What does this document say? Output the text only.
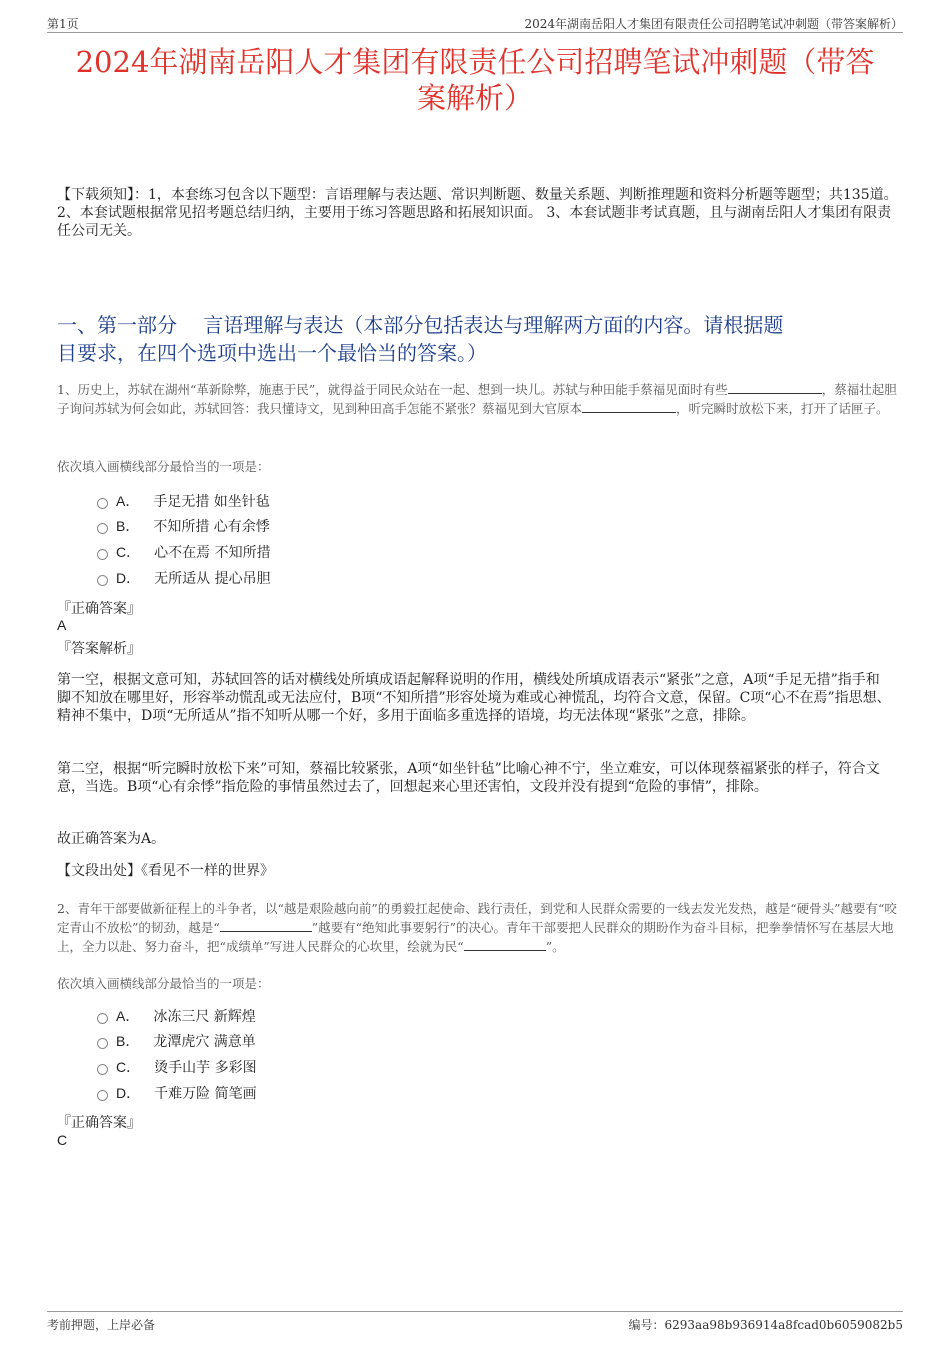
第1页	2024年湖南岳阳人才集团有限责任公司招聘笔试冲刺题（带答案解析）
2024年湖南岳阳人才集团有限责任公司招聘笔试冲刺题（带答
案解析）
【下载须知】：1，本套练习包含以下题型：言语理解与表达题、常识判断题、数量关系题、判断推理题和资料分析题等题型；共135道。 2、本套试题根据常见招考题总结归纳，主要用于练习答题思路和拓展知识面。 3、本套试题非考试真题，且与湖南岳阳人才集团有限责任公司无关。
一、第一部分　 言语理解与表达（本部分包括表达与理解两方面的内容。请根据题
目要求，在四个选项中选出一个最恰当的答案。）
1、历史上，苏轼在湖州“革新除弊，施惠于民”，就得益于同民众站在一起、想到一块儿。苏轼与种田能手蔡福见面时有些	，蔡福壮起胆子询问苏轼为何会如此，苏轼回答：我只懂诗文，见到种田高手怎能不紧张？蔡福见到大官原本	，听完瞬时放松下来，打开了话匣子。
依次填入画横线部分最恰当的一项是：
A． 手足无措 如坐针毡
B． 不知所措 心有余悸
C． 心不在焉 不知所措
D． 无所适从 提心吊胆
『正确答案』
A
『答案解析』
第一空，根据文意可知，苏轼回答的话对横线处所填成语起解释说明的作用，横线处所填成语表示“紧张”之意，A项“手足无措”指手和脚不知放在哪里好，形容举动慌乱或无法应付，B项“不知所措”形容处境为难或心神慌乱，均符合文意，保留。C项“心不在焉”指思想、精神不集中，D项“无所适从”指不知听从哪一个好，多用于面临多重选择的语境，均无法体现“紧张”之意，排除。
第二空，根据“听完瞬时放松下来”可知，蔡福比较紧张，A项“如坐针毡”比喻心神不宁，坐立难安，可以体现蔡福紧张的样子，符合文意，当选。B项“心有余悸”指危险的事情虽然过去了，回想起来心里还害怕，文段并没有提到“危险的事情”，排除。
故正确答案为A。
【文段出处】《看见不一样的世界》
2、青年干部要做新征程上的斗争者，以“越是艰险越向前”的勇毅扛起使命、践行责任，到党和人民群众需要的一线去发光发热，越是“硬骨头”越要有“咬定青山不放松”的韧劲，越是“	”越要有“绝知此事要躬行”的决心。青年干部要把人民群众的期盼作为奋斗目标，把拳拳情怀写在基层大地上，全力以赴、努力奋斗，把“成绩单”写进人民群众的心坎里，绘就为民“	”。
依次填入画横线部分最恰当的一项是：
A． 冰冻三尺 新辉煌
B． 龙潭虎穴 满意单
C． 烫手山芋 多彩图
D． 千难万险 简笔画
『正确答案』
C
考前押题，上岸必备	编号：6293aa98b936914a8fcad0b6059082b5
